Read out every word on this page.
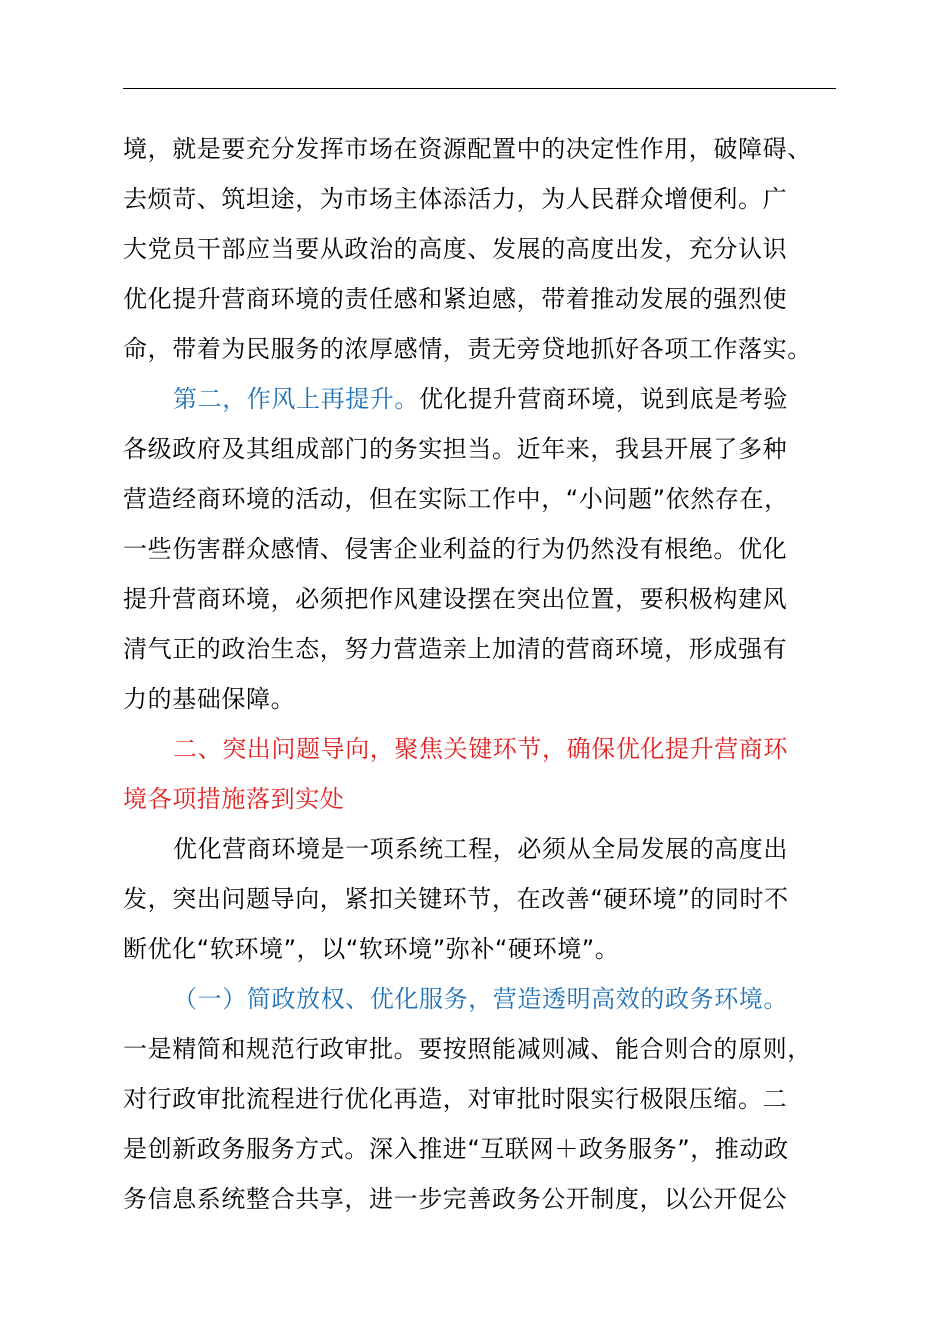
境，就是要充分发挥市场在资源配置中的决定性作用，破障碍、
去烦苛、筑坦途，为市场主体添活力，为人民群众增便利。广
大党员干部应当要从政治的高度、发展的高度出发，充分认识
优化提升营商环境的责任感和紧迫感，带着推动发展的强烈使
命，带着为民服务的浓厚感情，责无旁贷地抓好各项工作落实。
第二，作风上再提升。优化提升营商环境，说到底是考验
各级政府及其组成部门的务实担当。近年来，我县开展了多种
营造经商环境的活动，但在实际工作中，“小问题”依然存在，
一些伤害群众感情、侵害企业利益的行为仍然没有根绝。优化
提升营商环境，必须把作风建设摆在突出位置，要积极构建风
清气正的政治生态，努力营造亲上加清的营商环境，形成强有
力的基础保障。
二、突出问题导向，聚焦关键环节，确保优化提升营商环
境各项措施落到实处
优化营商环境是一项系统工程，必须从全局发展的高度出
发，突出问题导向，紧扣关键环节，在改善“硬环境”的同时不
断优化“软环境”，以“软环境”弥补“硬环境”。
（一）简政放权、优化服务，营造透明高效的政务环境。
一是精简和规范行政审批。要按照能减则减、能合则合的原则，
对行政审批流程进行优化再造，对审批时限实行极限压缩。二
是创新政务服务方式。深入推进“互联网＋政务服务”，推动政
务信息系统整合共享，进一步完善政务公开制度，以公开促公
